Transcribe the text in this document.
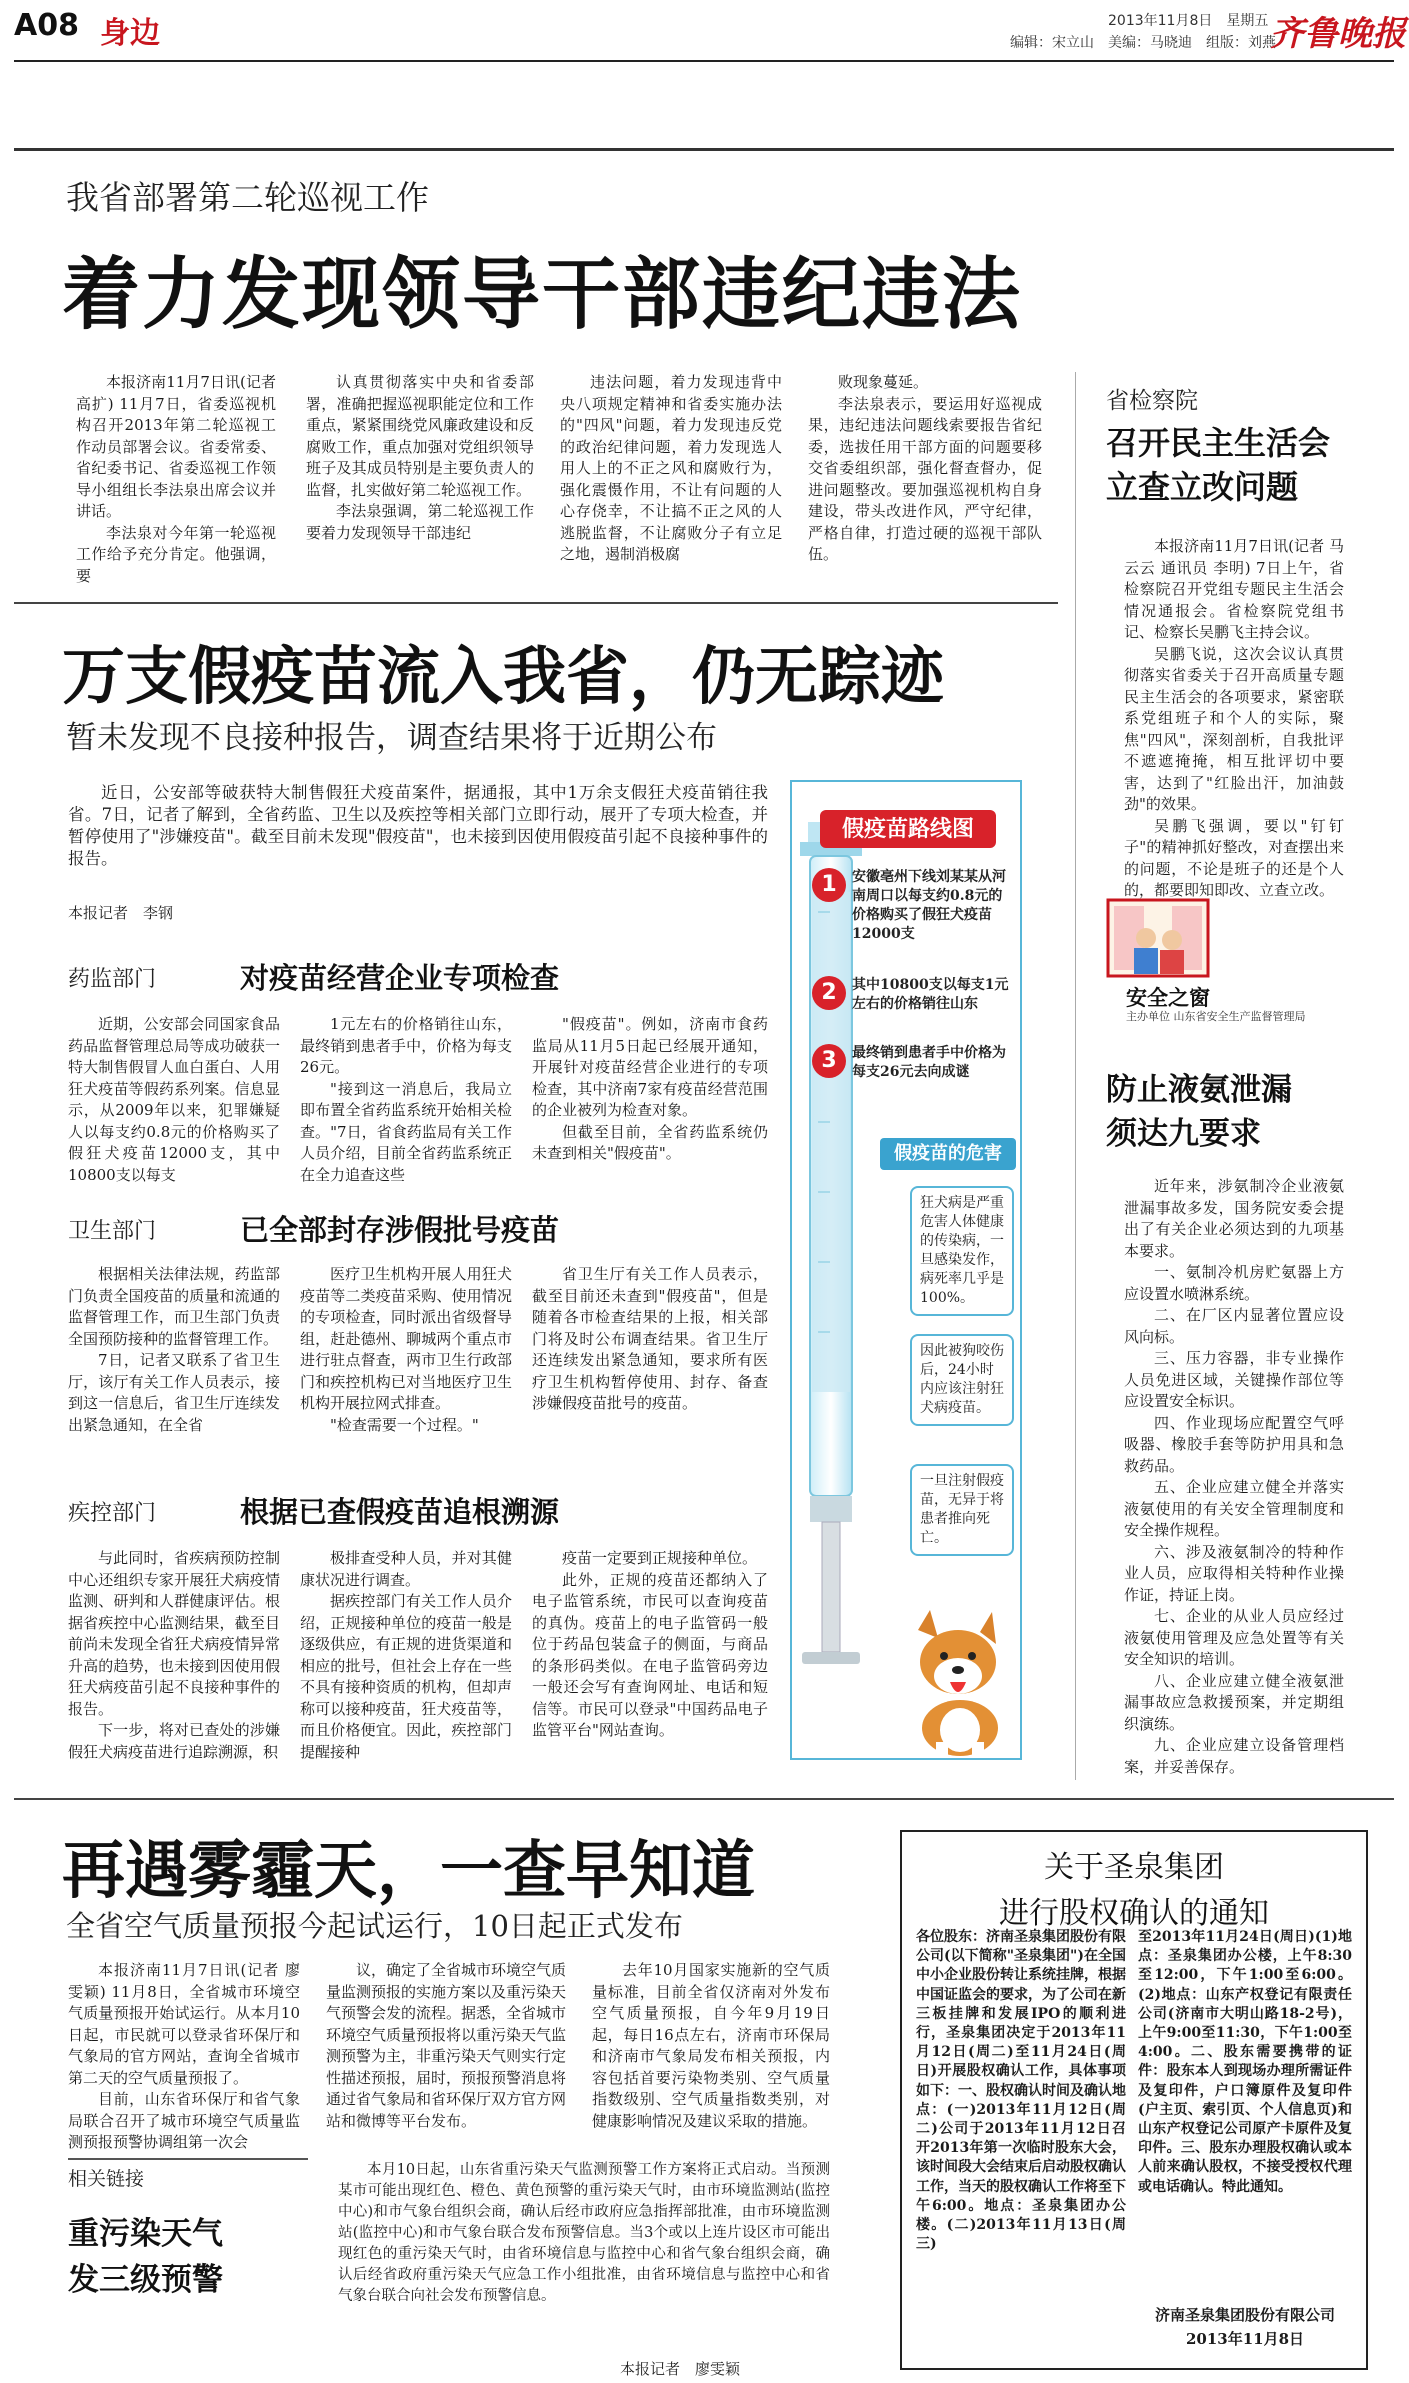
A08 身边	2013年11月8日　星期五
编辑：宋立山　美编：马晓迪　组版：刘燕
齐鲁晚报
我省部署第二轮巡视工作
着力发现领导干部违纪违法

本报济南11月7日讯(记者 高扩) 11月7日，省委巡视机构召开2013年第二轮巡视工作动员部署会议。省委常委、省纪委书记、省委巡视工作领导小组组长李法泉出席会议并讲话。

李法泉对今年第一轮巡视工作给予充分肯定。他强调，要

认真贯彻落实中央和省委部署，准确把握巡视职能定位和工作重点，紧紧围绕党风廉政建设和反腐败工作，重点加强对党组织领导班子及其成员特别是主要负责人的监督，扎实做好第二轮巡视工作。

李法泉强调，第二轮巡视工作要着力发现领导干部违纪

违法问题，着力发现违背中央八项规定精神和省委实施办法的"四风"问题，着力发现违反党的政治纪律问题，着力发现选人用人上的不正之风和腐败行为，强化震慑作用，不让有问题的人心存侥幸，不让搞不正之风的人逃脱监督，不让腐败分子有立足之地，遏制消极腐

败现象蔓延。

李法泉表示，要运用好巡视成果，违纪违法问题线索要报告省纪委，选拔任用干部方面的问题要移交省委组织部，强化督查督办，促进问题整改。要加强巡视机构自身建设，带头改进作风，严守纪律，严格自律，打造过硬的巡视干部队伍。

省检察院
召开民主生活会
立查立改问题

本报济南11月7日讯(记者 马云云 通讯员 李明) 7日上午，省检察院召开党组专题民主生活会情况通报会。省检察院党组书记、检察长吴鹏飞主持会议。

吴鹏飞说，这次会议认真贯彻落实省委关于召开高质量专题民主生活会的各项要求，紧密联系党组班子和个人的实际，聚焦"四风"，深刻剖析，自我批评不遮遮掩掩，相互批评切中要害，达到了"红脸出汗，加油鼓劲"的效果。

吴鹏飞强调，要以"钉钉子"的精神抓好整改，对查摆出来的问题，不论是班子的还是个人的，都要即知即改、立查立改。

万支假疫苗流入我省，仍无踪迹
暂未发现不良接种报告，调查结果将于近期公布

近日，公安部等破获特大制售假狂犬疫苗案件，据通报，其中1万余支假狂犬疫苗销往我省。7日，记者了解到，全省药监、卫生以及疾控等相关部门立即行动，展开了专项大检查，并暂停使用了"涉嫌疫苗"。截至目前未发现"假疫苗"，也未接到因使用假疫苗引起不良接种事件的报告。

本报记者　李钢
药监部门	对疫苗经营企业专项检查

近期，公安部会同国家食品药品监督管理总局等成功破获一特大制售假冒人血白蛋白、人用狂犬疫苗等假药系列案。信息显示，从2009年以来，犯罪嫌疑人以每支约0.8元的价格购买了假狂犬疫苗12000支，其中10800支以每支

1元左右的价格销往山东，最终销到患者手中，价格为每支26元。

"接到这一消息后，我局立即布置全省药监系统开始相关检查。"7日，省食药监局有关工作人员介绍，目前全省药监系统正在全力追查这些

"假疫苗"。例如，济南市食药监局从11月5日起已经展开通知，开展针对疫苗经营企业进行的专项检查，其中济南7家有疫苗经营范围的企业被列为检查对象。

但截至目前，全省药监系统仍未查到相关"假疫苗"。

卫生部门	已全部封存涉假批号疫苗

根据相关法律法规，药监部门负责全国疫苗的质量和流通的监督管理工作，而卫生部门负责全国预防接种的监督管理工作。

7日，记者又联系了省卫生厅，该厅有关工作人员表示，接到这一信息后，省卫生厅连续发出紧急通知，在全省

医疗卫生机构开展人用狂犬疫苗等二类疫苗采购、使用情况的专项检查，同时派出省级督导组，赶赴德州、聊城两个重点市进行驻点督查，两市卫生行政部门和疾控机构已对当地医疗卫生机构开展拉网式排查。

"检查需要一个过程。"

省卫生厅有关工作人员表示，截至目前还未查到"假疫苗"，但是随着各市检查结果的上报，相关部门将及时公布调查结果。省卫生厅还连续发出紧急通知，要求所有医疗卫生机构暂停使用、封存、备查涉嫌假疫苗批号的疫苗。

疾控部门	根据已查假疫苗追根溯源

与此同时，省疾病预防控制中心还组织专家开展狂犬病疫情监测、研判和人群健康评估。根据省疾控中心监测结果，截至目前尚未发现全省狂犬病疫情异常升高的趋势，也未接到因使用假狂犬病疫苗引起不良接种事件的报告。

下一步，将对已查处的涉嫌假狂犬病疫苗进行追踪溯源，积

极排查受种人员，并对其健康状况进行调查。

据疾控部门有关工作人员介绍，正规接种单位的疫苗一般是逐级供应，有正规的进货渠道和相应的批号，但社会上存在一些不具有接种资质的机构，但却声称可以接种疫苗，狂犬疫苗等，而且价格便宜。因此，疾控部门提醒接种

疫苗一定要到正规接种单位。

此外，正规的疫苗还都纳入了电子监管系统，市民可以查询疫苗的真伪。疫苗上的电子监管码一般位于药品包装盒子的侧面，与商品的条形码类似。在电子监管码旁边一般还会写有查询网址、电话和短信等。市民可以登录"中国药品电子监管平台"网站查询。

假疫苗路线图
1	安徽亳州下线刘某某从河南周口以每支约0.8元的价格购买了假狂犬疫苗12000支
2	其中10800支以每支1元左右的价格销往山东
3	最终销到患者手中价格为每支26元去向成谜
假疫苗的危害
狂犬病是严重危害人体健康的传染病，一旦感染发作，病死率几乎是100%。
因此被狗咬伤后，24小时内应该注射狂犬病疫苗。
一旦注射假疫苗，无异于将患者推向死亡。
安全之窗
主办单位 山东省安全生产监督管理局
防止液氨泄漏
须达九要求

近年来，涉氨制冷企业液氨泄漏事故多发，国务院安委会提出了有关企业必须达到的九项基本要求。

一、氨制冷机房贮氨器上方应设置水喷淋系统。

二、在厂区内显著位置应设风向标。

三、压力容器，非专业操作人员免进区域，关键操作部位等应设置安全标识。

四、作业现场应配置空气呼吸器、橡胶手套等防护用具和急救药品。

五、企业应建立健全并落实液氨使用的有关安全管理制度和安全操作规程。

六、涉及液氨制冷的特种作业人员，应取得相关特种作业操作证，持证上岗。

七、企业的从业人员应经过液氨使用管理及应急处置等有关安全知识的培训。

八、企业应建立健全液氨泄漏事故应急救援预案，并定期组织演练。

九、企业应建立设备管理档案，并妥善保存。

再遇雾霾天，一查早知道
全省空气质量预报今起试运行，10日起正式发布

本报济南11月7日讯(记者 廖雯颖) 11月8日，全省城市环境空气质量预报开始试运行。从本月10日起，市民就可以登录省环保厅和气象局的官方网站，查询全省城市第二天的空气质量预报了。

目前，山东省环保厅和省气象局联合召开了城市环境空气质量监测预报预警协调组第一次会

议，确定了全省城市环境空气质量监测预报的实施方案以及重污染天气预警会发的流程。据悉，全省城市环境空气质量预报将以重污染天气监测预警为主，非重污染天气则实行定性描述预报，届时，预报预警消息将通过省气象局和省环保厅双方官方网站和微博等平台发布。

去年10月国家实施新的空气质量标准，目前全省仅济南对外发布空气质量预报，自今年9月19日起，每日16点左右，济南市环保局和济南市气象局发布相关预报，内容包括首要污染物类别、空气质量指数级别、空气质量指数类别，对健康影响情况及建议采取的措施。

相关链接
重污染天气
发三级预警

本月10日起，山东省重污染天气监测预警工作方案将正式启动。当预测某市可能出现红色、橙色、黄色预警的重污染天气时，由市环境监测站(监控中心)和市气象台组织会商，确认后经市政府应急指挥部批准，由市环境监测站(监控中心)和市气象台联合发布预警信息。当3个或以上连片设区市可能出现红色的重污染天气时，由省环境信息与监控中心和省气象台组织会商，确认后经省政府重污染天气应急工作小组批准，由省环境信息与监控中心和省气象台联合向社会发布预警信息。

本报记者　廖雯颖
关于圣泉集团
进行股权确认的通知
各位股东：济南圣泉集团股份有限公司(以下简称"圣泉集团")在全国中小企业股份转让系统挂牌，根据中国证监会的要求，为了公司在新三板挂牌和发展IPO的顺利进行，圣泉集团决定于2013年11月12日(周二)至11月24日(周日)开展股权确认工作，具体事项如下：一、股权确认时间及确认地点：(一)2013年11月12日(周二)公司于2013年11月12日召开2013年第一次临时股东大会，该时间段大会结束后启动股权确认工作，当天的股权确认工作将至下午6:00。地点：圣泉集团办公楼。(二)2013年11月13日(周三)
至2013年11月24日(周日)(1)地点：圣泉集团办公楼，上午8:30至12:00，下午1:00至6:00。(2)地点：山东产权登记有限责任公司(济南市大明山路18-2号)，上午9:00至11:30，下午1:00至4:00。二、股东需要携带的证件：股东本人到现场办理所需证件及复印件，户口簿原件及复印件(户主页、索引页、个人信息页)和山东产权登记公司原产卡原件及复印件。三、股东办理股权确认或本人前来确认股权，不接受授权代理或电话确认。特此通知。
济南圣泉集团股份有限公司
2013年11月8日
